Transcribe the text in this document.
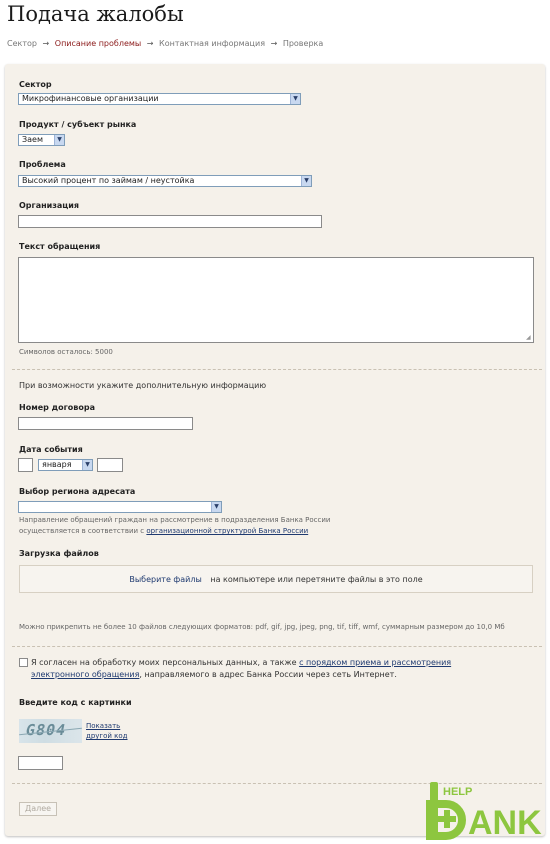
Подача жалобы
Сектор → Описание проблемы → Контактная информация → Проверка
Сектор
Микрофинансовые организации	▼
Продукт / субъект рынка
Заем	▼
Проблема
Высокий процент по займам / неустойка	▼
Организация
Текст обращения
◢
Символов осталось: 5000
При возможности укажите дополнительную информацию
Номер договора
Дата события
января	▼
Выбор региона адресата
▼
Направление обращений граждан на рассмотрение в подразделения Банка России
осуществляется в соответствии с организационной структурой Банка России
Загрузка файлов
Выберите файлы на компьютере или перетяните файлы в это поле
Можно прикрепить не более 10 файлов следующих форматов: pdf, gif, jpg, jpeg, png, tif, tiff, wmf, суммарным размером до 10,0 Мб
Я согласен на обработку моих персональных данных, а также с порядком приема и рассмотрения электронного обращения, направляемого в адрес Банка России через сеть Интернет.
Введите код с картинки
G804	Показать
другой код
Далее
HELP
ANK
